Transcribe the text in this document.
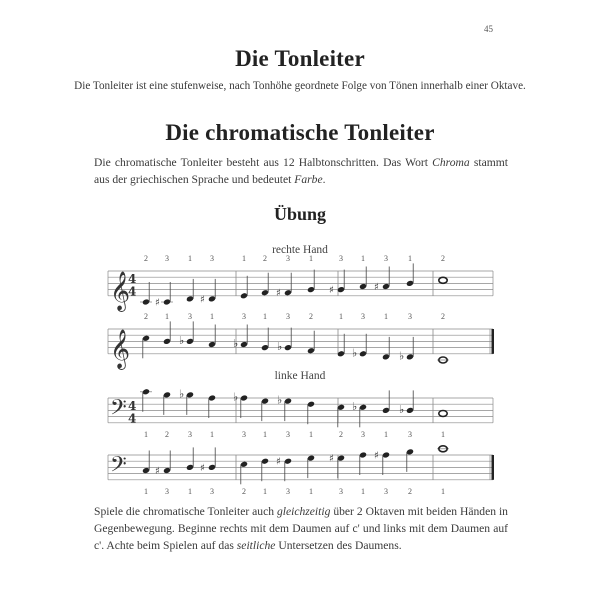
45
Die Tonleiter
Die Tonleiter ist eine stufenweise, nach Tonhöhe geordnete Folge von Tönen innerhalb einer Oktave.
Die chromatische Tonleiter
Die chromatische Tonleiter besteht aus 12 Halbtonschritten. Das Wort Chroma stammt aus der griechischen Sprache und bedeutet Farbe.
Übung
rechte Hand
linke Hand
𝄞
4
4
2
♯
3 1
♯
3	1 2
♯
3 1
♯
3 1
♯
3	1	2
𝄞
2 1
♭
3 1
♭
3 1
♭
3 2	1
♭
3 1
♭
3	2
𝄢 4
4
1 2
♭
3 1
♭
3 1
♭
3 1	2
♭
3 1
♭
3	1
𝄢
1
♯
3 1
♯
3	2 1
♯
3 1
♯
3 1
♯
3	2	1
Spiele die chromatische Tonleiter auch gleichzeitig über 2 Oktaven mit beiden Händen in Gegenbewegung. Beginne rechts mit dem Daumen auf c' und links mit dem Daumen auf c'. Achte beim Spielen auf das seitliche Untersetzen des Daumens.
